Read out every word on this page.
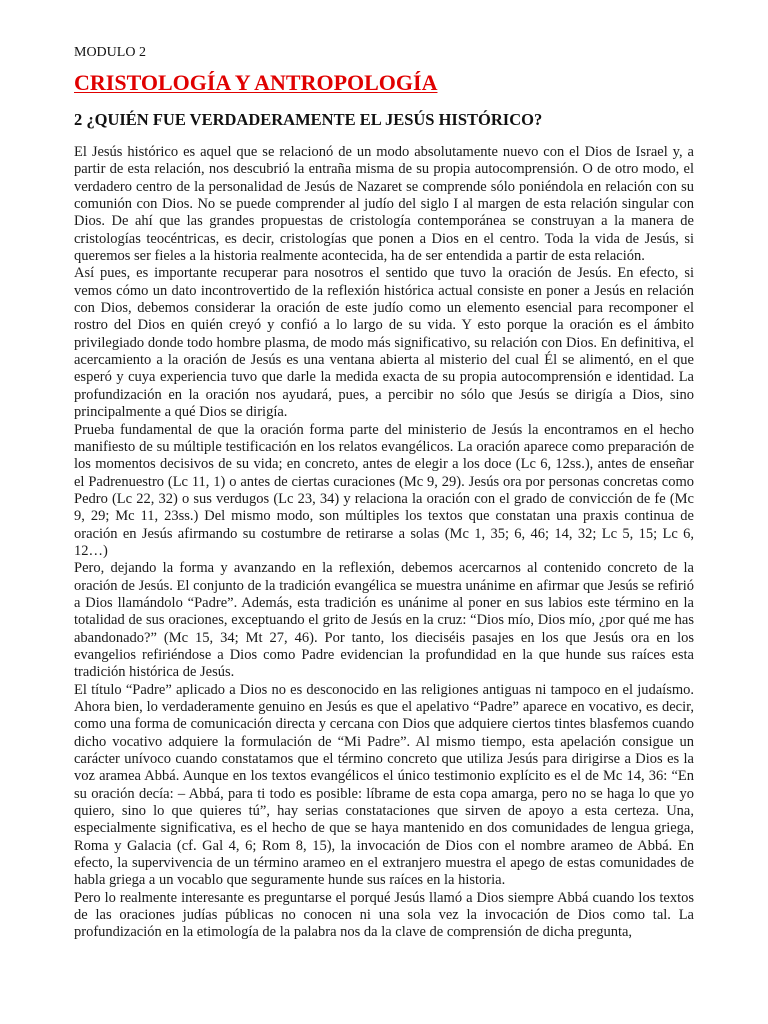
MODULO 2

CRISTOLOGÍA Y ANTROPOLOGÍA
2 ¿QUIÉN FUE VERDADERAMENTE EL JESÚS HISTÓRICO?

El Jesús histórico es aquel que se relacionó de un modo absolutamente nuevo con el Dios de Israel y, a partir de esta relación, nos descubrió la entraña misma de su propia autocomprensión. O de otro modo, el verdadero centro de la personalidad de Jesús de Nazaret se comprende sólo poniéndola en relación con su comunión con Dios. No se puede comprender al judío del siglo I al margen de esta relación singular con Dios. De ahí que las grandes propuestas de cristología contemporánea se construyan a la manera de cristologías teocéntricas, es decir, cristologías que ponen a Dios en el centro. Toda la vida de Jesús, si queremos ser fieles a la historia realmente acontecida, ha de ser entendida a partir de esta relación.

Así pues, es importante recuperar para nosotros el sentido que tuvo la oración de Jesús. En efecto, si vemos cómo un dato incontrovertido de la reflexión histórica actual consiste en poner a Jesús en relación con Dios, debemos considerar la oración de este judío como un elemento esencial para recomponer el rostro del Dios en quién creyó y confió a lo largo de su vida. Y esto porque la oración es el ámbito privilegiado donde todo hombre plasma, de modo más significativo, su relación con Dios. En definitiva, el acercamiento a la oración de Jesús es una ventana abierta al misterio del cual Él se alimentó, en el que esperó y cuya experiencia tuvo que darle la medida exacta de su propia autocomprensión e identidad. La profundización en la oración nos ayudará, pues, a percibir no sólo que Jesús se dirigía a Dios, sino principalmente a qué Dios se dirigía.

Prueba fundamental de que la oración forma parte del ministerio de Jesús la encontramos en el hecho manifiesto de su múltiple testificación en los relatos evangélicos. La oración aparece como preparación de los momentos decisivos de su vida; en concreto, antes de elegir a los doce (Lc 6, 12ss.), antes de enseñar el Padrenuestro (Lc 11, 1) o antes de ciertas curaciones (Mc 9, 29). Jesús ora por personas concretas como Pedro (Lc 22, 32) o sus verdugos (Lc 23, 34) y relaciona la oración con el grado de convicción de fe (Mc 9, 29; Mc 11, 23ss.) Del mismo modo, son múltiples los textos que constatan una praxis continua de oración en Jesús afirmando su costumbre de retirarse a solas (Mc 1, 35; 6, 46; 14, 32; Lc 5, 15; Lc 6, 12…)

Pero, dejando la forma y avanzando en la reflexión, debemos acercarnos al contenido concreto de la oración de Jesús. El conjunto de la tradición evangélica se muestra unánime en afirmar que Jesús se refirió a Dios llamándolo “Padre”. Además, esta tradición es unánime al poner en sus labios este término en la totalidad de sus oraciones, exceptuando el grito de Jesús en la cruz: “Dios mío, Dios mío, ¿por qué me has abandonado?” (Mc 15, 34; Mt 27, 46). Por tanto, los dieciséis pasajes en los que Jesús ora en los evangelios refiriéndose a Dios como Padre evidencian la profundidad en la que hunde sus raíces esta tradición histórica de Jesús.

El título “Padre” aplicado a Dios no es desconocido en las religiones antiguas ni tampoco en el judaísmo. Ahora bien, lo verdaderamente genuino en Jesús es que el apelativo “Padre” aparece en vocativo, es decir, como una forma de comunicación directa y cercana con Dios que adquiere ciertos tintes blasfemos cuando dicho vocativo adquiere la formulación de “Mi Padre”. Al mismo tiempo, esta apelación consigue un carácter unívoco cuando constatamos que el término concreto que utiliza Jesús para dirigirse a Dios es la voz aramea Abbá. Aunque en los textos evangélicos el único testimonio explícito es el de Mc 14, 36: “En su oración decía: – Abbá, para ti todo es posible: líbrame de esta copa amarga, pero no se haga lo que yo quiero, sino lo que quieres tú”, hay serias constataciones que sirven de apoyo a esta certeza. Una, especialmente significativa, es el hecho de que se haya mantenido en dos comunidades de lengua griega, Roma y Galacia (cf. Gal 4, 6; Rom 8, 15), la invocación de Dios con el nombre arameo de Abbá. En efecto, la supervivencia de un término arameo en el extranjero muestra el apego de estas comunidades de habla griega a un vocablo que seguramente hunde sus raíces en la historia.

Pero lo realmente interesante es preguntarse el porqué Jesús llamó a Dios siempre Abbá cuando los textos de las oraciones judías públicas no conocen ni una sola vez la invocación de Dios como tal. La profundización en la etimología de la palabra nos da la clave de comprensión de dicha pregunta,
